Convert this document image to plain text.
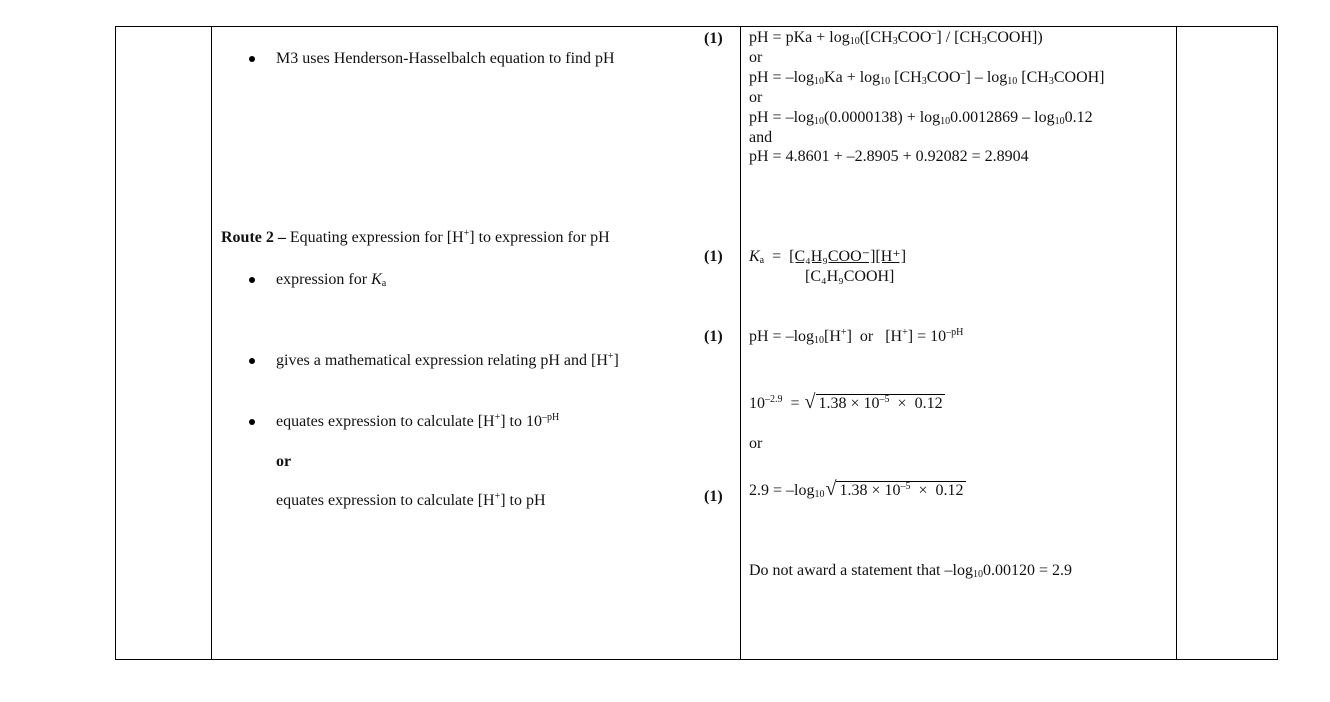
M3 uses Henderson-Hasselbalch equation to find pH
(1) pH = pKa + $\log_{10}([CH_3COO^-]$ / $[CH_3COOH]$)
or
pH = $-\log_{10}Ka + \log_{10} [CH_3COO^-] - \log_{10}$ $[CH_3COOH]$
or
pH = $-\log_{10}(0.0000138) + \log_{10}0.0012869 - \log_{10}0.12$
and
pH = 4.8601 + –2.8905 + 0.92082 = 2.8904
Route 2 – Equating expression for [H+] to expression for pH
expression for $K_a$
(1) $K_a = [C_4H_9COO^-][H^+]$
[C₄H₉COOH]
gives a mathematical expression relating pH and [H+]
(1) pH = $-\log_{10}[H^+]$  or   $[H^+] = 10^{-pH}$
equates expression to calculate [H+] to $10^{-pH}$
or
equates expression to calculate [H+] to pH
$10^{-2.9}$  = √ $1.38 \times 10^{-5} \times 0.12$
or
$2.9 = -\log_{10}√$ $1.38 \times 10^{-5} \times 0.12$
(1)
Do not award a statement that $-\log_{10}0.00120 = 2.9$
